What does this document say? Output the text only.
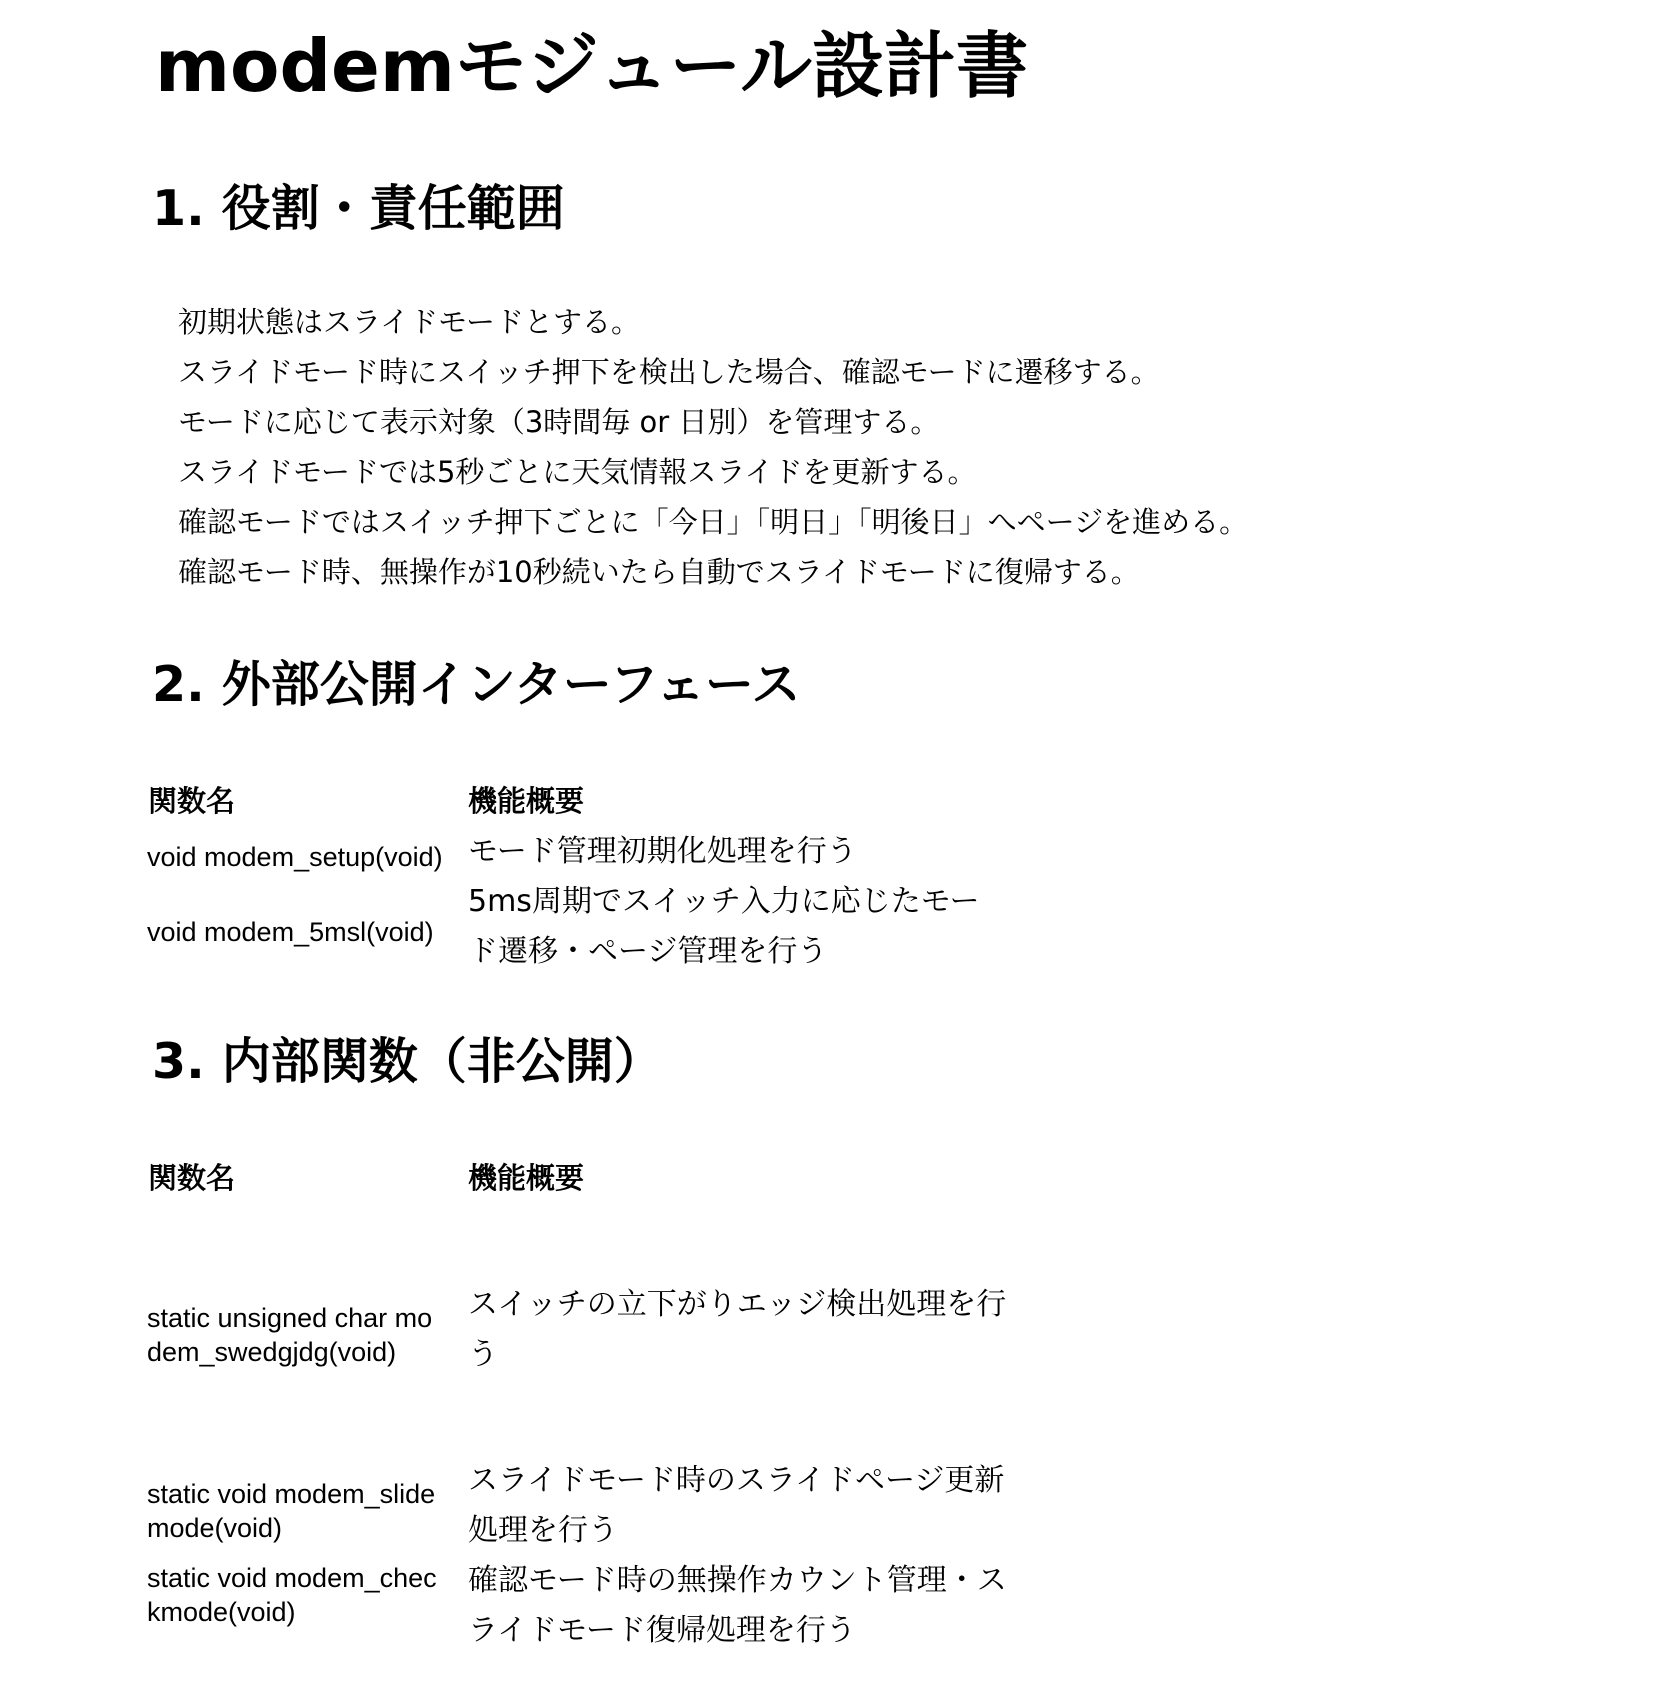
modemモジュール設計書
1. 役割・責任範囲
初期状態はスライドモードとする。
スライドモード時にスイッチ押下を検出した場合、確認モードに遷移する。
モードに応じて表示対象（3時間毎 or 日別）を管理する。
スライドモードでは5秒ごとに天気情報スライドを更新する。
確認モードではスイッチ押下ごとに「今日」「明日」「明後日」へページを進める。
確認モード時、無操作が10秒続いたら自動でスライドモードに復帰する。
2. 外部公開インターフェース
関数名	機能概要
void modem_setup(void) モード管理初期化処理を行う
void modem_5msl(void)
5ms周期でスイッチ入力に応じたモード遷移・ページ管理を行う
3. 内部関数（非公開）
関数名	機能概要
static unsigned char modem_swedgjdg(void)
スイッチの立下がりエッジ検出処理を行う
static void modem_slidemode(void)
スライドモード時のスライドページ更新処理を行う
static void modem_checkmode(void)
確認モード時の無操作カウント管理・スライドモード復帰処理を行う
